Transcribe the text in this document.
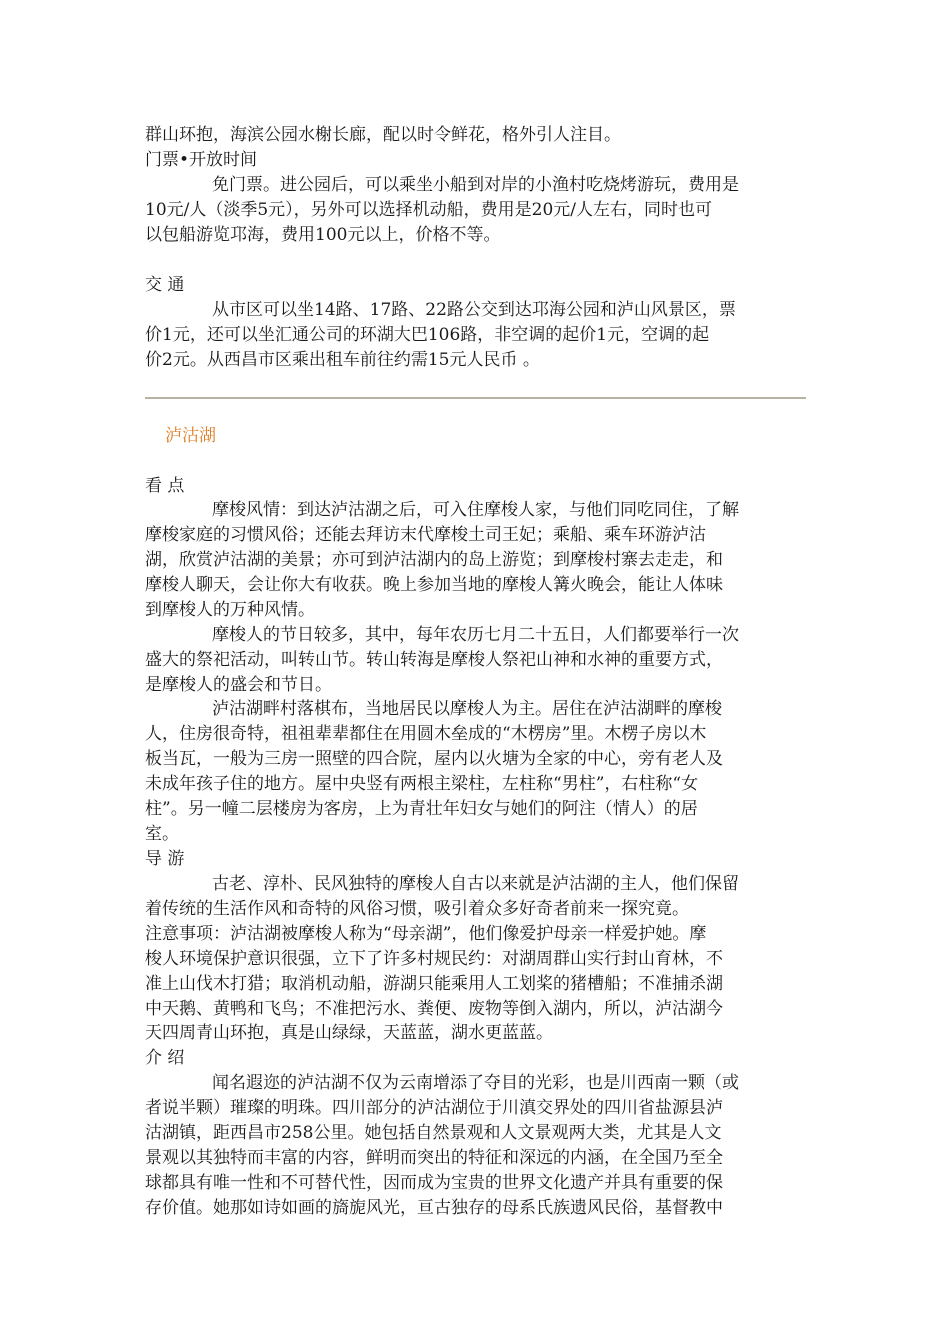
群山环抱，海滨公园水榭长廊，配以时令鲜花，格外引人注目。
门票•开放时间
免门票。进公园后，可以乘坐小船到对岸的小渔村吃烧烤游玩，费用是
10元/人（淡季5元），另外可以选择机动船，费用是20元/人左右，同时也可
以包船游览邛海，费用100元以上，价格不等。
交 通
从市区可以坐14路、17路、22路公交到达邛海公园和泸山风景区，票
价1元，还可以坐汇通公司的环湖大巴106路，非空调的起价1元，空调的起
价2元。从西昌市区乘出租车前往约需15元人民币 。
泸沽湖
看 点
摩梭风情：到达泸沽湖之后，可入住摩梭人家，与他们同吃同住，了解
摩梭家庭的习惯风俗；还能去拜访末代摩梭土司王妃；乘船、乘车环游泸沽
湖，欣赏泸沽湖的美景；亦可到泸沽湖内的岛上游览；到摩梭村寨去走走，和
摩梭人聊天，会让你大有收获。晚上参加当地的摩梭人篝火晚会，能让人体味
到摩梭人的万种风情。
摩梭人的节日较多，其中，每年农历七月二十五日，人们都要举行一次
盛大的祭祀活动，叫转山节。转山转海是摩梭人祭祀山神和水神的重要方式，
是摩梭人的盛会和节日。
泸沽湖畔村落棋布，当地居民以摩梭人为主。居住在泸沽湖畔的摩梭
人，住房很奇特，祖祖辈辈都住在用圆木垒成的“木楞房”里。木楞子房以木
板当瓦，一般为三房一照壁的四合院，屋内以火塘为全家的中心，旁有老人及
未成年孩子住的地方。屋中央竖有两根主梁柱，左柱称“男柱”，右柱称“女
柱”。另一幢二层楼房为客房，上为青壮年妇女与她们的阿注（情人）的居
室。
导 游
古老、淳朴、民风独特的摩梭人自古以来就是泸沽湖的主人，他们保留
着传统的生活作风和奇特的风俗习惯，吸引着众多好奇者前来一探究竟。
注意事项：泸沽湖被摩梭人称为“母亲湖”，他们像爱护母亲一样爱护她。摩
梭人环境保护意识很强，立下了许多村规民约：对湖周群山实行封山育林，不
准上山伐木打猎；取消机动船，游湖只能乘用人工划桨的猪槽船；不准捕杀湖
中天鹅、黄鸭和飞鸟；不准把污水、粪便、废物等倒入湖内，所以，泸沽湖今
天四周青山环抱，真是山绿绿，天蓝蓝，湖水更蓝蓝。
介 绍
闻名遐迩的泸沽湖不仅为云南增添了夺目的光彩，也是川西南一颗（或
者说半颗）璀璨的明珠。四川部分的泸沽湖位于川滇交界处的四川省盐源县泸
沽湖镇，距西昌市258公里。她包括自然景观和人文景观两大类，尤其是人文
景观以其独特而丰富的内容，鲜明而突出的特征和深远的内涵，在全国乃至全
球都具有唯一性和不可替代性，因而成为宝贵的世界文化遗产并具有重要的保
存价值。她那如诗如画的旖旎风光，亘古独存的母系氏族遗风民俗，基督教中
